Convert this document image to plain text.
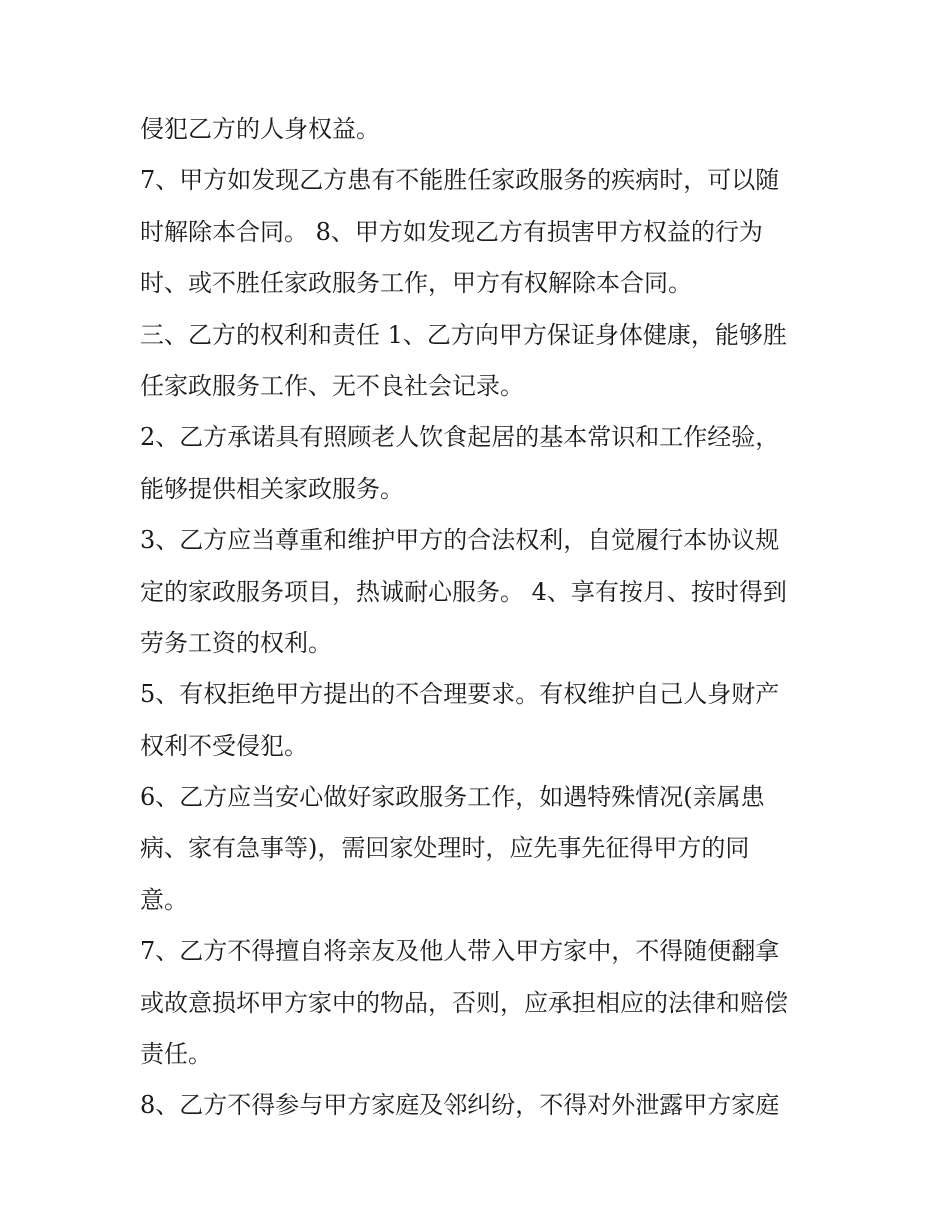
侵犯乙方的人身权益。
7、甲方如发现乙方患有不能胜任家政服务的疾病时，可以随
时解除本合同。 8、甲方如发现乙方有损害甲方权益的行为
时、或不胜任家政服务工作，甲方有权解除本合同。
三、乙方的权利和责任 1、乙方向甲方保证身体健康，能够胜
任家政服务工作、无不良社会记录。
2、乙方承诺具有照顾老人饮食起居的基本常识和工作经验，
能够提供相关家政服务。
3、乙方应当尊重和维护甲方的合法权利，自觉履行本协议规
定的家政服务项目，热诚耐心服务。 4、享有按月、按时得到
劳务工资的权利。
5、有权拒绝甲方提出的不合理要求。有权维护自己人身财产
权利不受侵犯。
6、乙方应当安心做好家政服务工作，如遇特殊情况(亲属患
病、家有急事等)，需回家处理时，应先事先征得甲方的同
意。
7、乙方不得擅自将亲友及他人带入甲方家中，不得随便翻拿
或故意损坏甲方家中的物品，否则，应承担相应的法律和赔偿
责任。
8、乙方不得参与甲方家庭及邻纠纷，不得对外泄露甲方家庭
